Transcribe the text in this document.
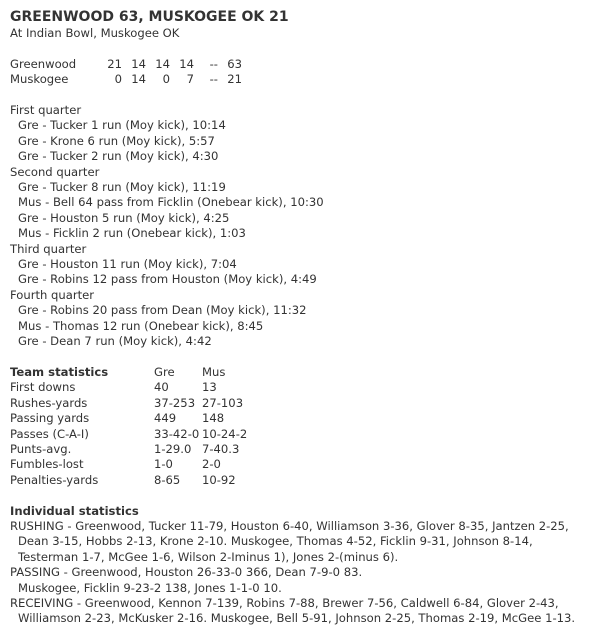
GREENWOOD 63, MUSKOGEE OK 21
At Indian Bowl, Muskogee OK
Greenwood	21	14	14	14	--	63
Muskogee	0	14	0	7	--	21
First quarter
Gre - Tucker 1 run (Moy kick), 10:14
Gre - Krone 6 run (Moy kick), 5:57
Gre - Tucker 2 run (Moy kick), 4:30
Second quarter
Gre - Tucker 8 run (Moy kick), 11:19
Mus - Bell 64 pass from Ficklin (Onebear kick), 10:30
Gre - Houston 5 run (Moy kick), 4:25
Mus - Ficklin 2 run (Onebear kick), 1:03
Third quarter
Gre - Houston 11 run (Moy kick), 7:04
Gre - Robins 12 pass from Houston (Moy kick), 4:49
Fourth quarter
Gre - Robins 20 pass from Dean (Moy kick), 11:32
Mus - Thomas 12 run (Onebear kick), 8:45
Gre - Dean 7 run (Moy kick), 4:42
Team statistics	Gre	Mus
First downs	40	13
Rushes-yards	37-253	27-103
Passing yards	449	148
Passes (C-A-I)	33-42-0	10-24-2
Punts-avg.	1-29.0	7-40.3
Fumbles-lost	1-0	2-0
Penalties-yards	8-65	10-92
Individual statistics
RUSHING - Greenwood, Tucker 11-79, Houston 6-40, Williamson 3-36, Glover 8-35, Jantzen 2-25,
Dean 3-15, Hobbs 2-13, Krone 2-10. Muskogee, Thomas 4-52, Ficklin 9-31, Johnson 8-14,
Testerman 1-7, McGee 1-6, Wilson 2-Iminus 1), Jones 2-(minus 6).
PASSING - Greenwood, Houston 26-33-0 366, Dean 7-9-0 83.
Muskogee, Ficklin 9-23-2 138, Jones 1-1-0 10.
RECEIVING - Greenwood, Kennon 7-139, Robins 7-88, Brewer 7-56, Caldwell 6-84, Glover 2-43,
Williamson 2-23, McKusker 2-16. Muskogee, Bell 5-91, Johnson 2-25, Thomas 2-19, McGee 1-13.
